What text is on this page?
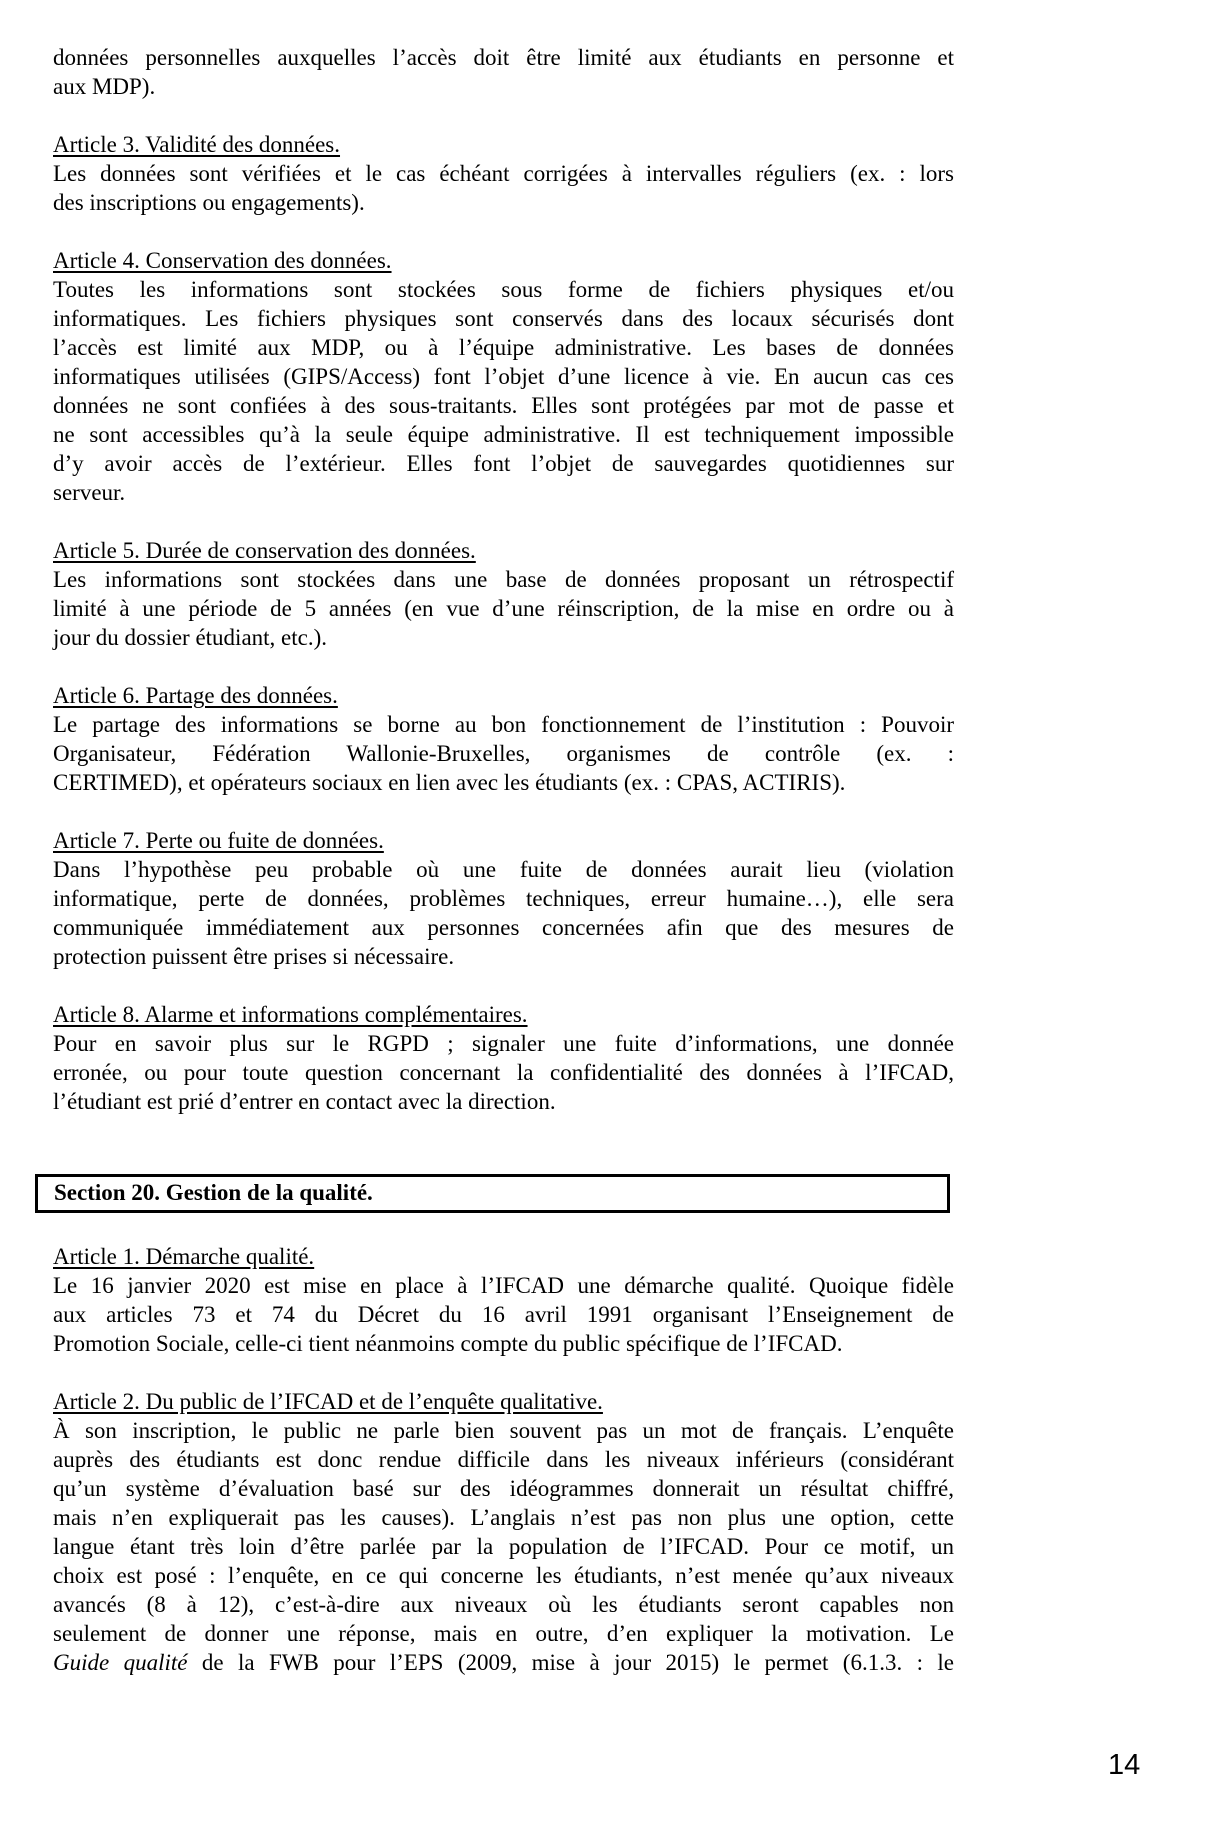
données personnelles auxquelles l’accès doit être limité aux étudiants en personne et
aux MDP).
Article 3. Validité des données.
Les données sont vérifiées et le cas échéant corrigées à intervalles réguliers (ex. : lors
des inscriptions ou engagements).
Article 4. Conservation des données.
Toutes les informations sont stockées sous forme de fichiers physiques et/ou
informatiques. Les fichiers physiques sont conservés dans des locaux sécurisés dont
l’accès est limité aux MDP, ou à l’équipe administrative. Les bases de données
informatiques utilisées (GIPS/Access) font l’objet d’une licence à vie. En aucun cas ces
données ne sont confiées à des sous-traitants. Elles sont protégées par mot de passe et
ne sont accessibles qu’à la seule équipe administrative. Il est techniquement impossible
d’y avoir accès de l’extérieur. Elles font l’objet de sauvegardes quotidiennes sur
serveur.
Article 5. Durée de conservation des données.
Les informations sont stockées dans une base de données proposant un rétrospectif
limité à une période de 5 années (en vue d’une réinscription, de la mise en ordre ou à
jour du dossier étudiant, etc.).
Article 6. Partage des données.
Le partage des informations se borne au bon fonctionnement de l’institution : Pouvoir
Organisateur, Fédération Wallonie-Bruxelles, organismes de contrôle (ex. :
CERTIMED), et opérateurs sociaux en lien avec les étudiants (ex. : CPAS, ACTIRIS).
Article 7. Perte ou fuite de données.
Dans l’hypothèse peu probable où une fuite de données aurait lieu (violation
informatique, perte de données, problèmes techniques, erreur humaine…), elle sera
communiquée immédiatement aux personnes concernées afin que des mesures de
protection puissent être prises si nécessaire.
Article 8. Alarme et informations complémentaires.
Pour en savoir plus sur le RGPD ; signaler une fuite d’informations, une donnée
erronée, ou pour toute question concernant la confidentialité des données à l’IFCAD,
l’étudiant est prié d’entrer en contact avec la direction.
Section 20. Gestion de la qualité.
Article 1. Démarche qualité.
Le 16 janvier 2020 est mise en place à l’IFCAD une démarche qualité. Quoique fidèle
aux articles 73 et 74 du Décret du 16 avril 1991 organisant l’Enseignement de
Promotion Sociale, celle-ci tient néanmoins compte du public spécifique de l’IFCAD.
Article 2. Du public de l’IFCAD et de l’enquête qualitative.
À son inscription, le public ne parle bien souvent pas un mot de français. L’enquête
auprès des étudiants est donc rendue difficile dans les niveaux inférieurs (considérant
qu’un système d’évaluation basé sur des idéogrammes donnerait un résultat chiffré,
mais n’en expliquerait pas les causes). L’anglais n’est pas non plus une option, cette
langue étant très loin d’être parlée par la population de l’IFCAD. Pour ce motif, un
choix est posé : l’enquête, en ce qui concerne les étudiants, n’est menée qu’aux niveaux
avancés (8 à 12), c’est-à-dire aux niveaux où les étudiants seront capables non
seulement de donner une réponse, mais en outre, d’en expliquer la motivation. Le
Guide qualité de la FWB pour l’EPS (2009, mise à jour 2015) le permet (6.1.3. : le
14
